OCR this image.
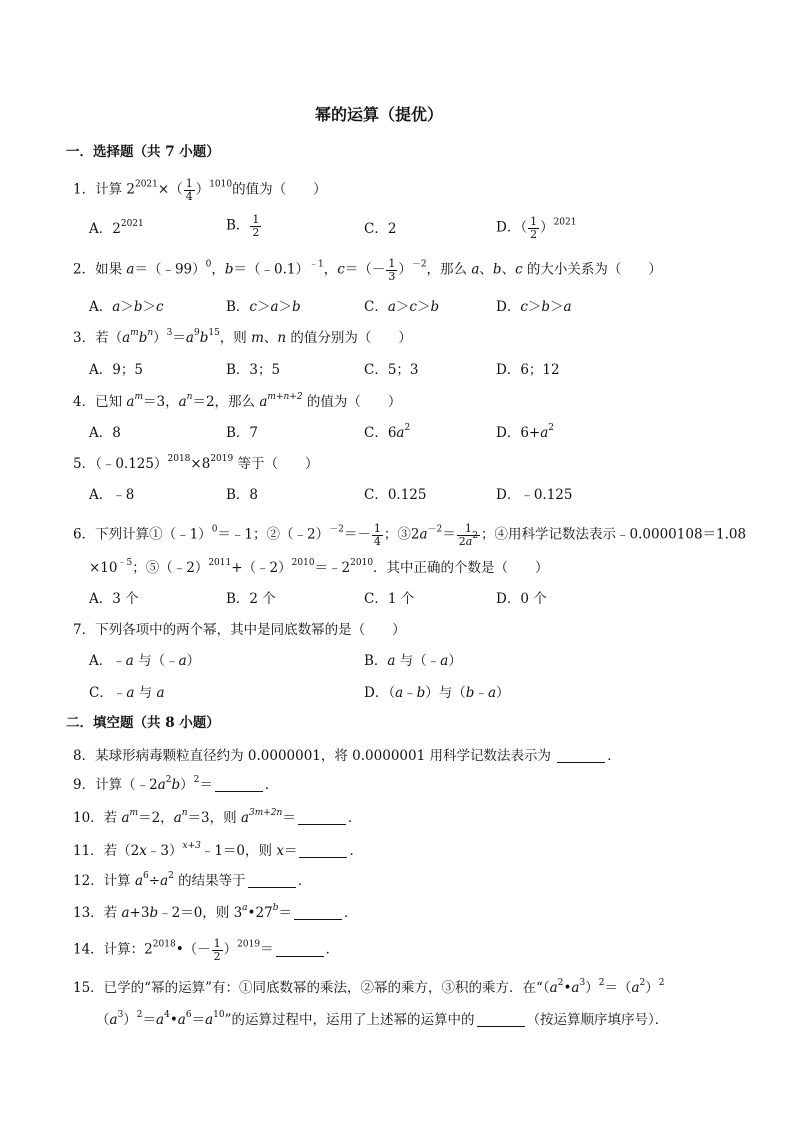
幂的运算（提优）
一．选择题（共 7 小题）
1．计算 $2^{2021}\times( \frac{1}{4} )^{1010}$的值为（　　）
A．$2^{2021}$	B． $\frac{1}{2}$	C．2	D．（ $\frac{1}{2} )^{2021}$
2．如果 a＝（﹣99）$^0$，b＝（﹣0.1）$^{﹣1}$，$c=(- \frac{1}{3} )^{-2}$，那么 a、b、c 的大小关系为（　　）
A．a＞b＞c	B．c＞a＞b	C．a＞c＞b	D．c＞b＞a
3．若$(a^mb^n)^3=a^9b^{15}$，则 m、n 的值分别为（　　）
A．9；5	B．3；5	C．5；3	D．6；12
4．已知 $a^m=3$，$a^n=2$，那么 $a^{m+n+2}$ 的值为（　　）
A．8	B．7	C．$6a^2$	D．$6+a^2$
5．$(﹣0.125)^{2018}\times 8^{2019}$ 等于（　　）
A．﹣8	B．8	C．0.125	D．﹣0.125
6．下列计算①（﹣1）$^0$＝﹣1；②（﹣2）$^{-2}$＝－ $\frac{1}{4}$ ；$③2a^{-2}= \frac{1}{2a^2}$ ；④用科学记数法表示﹣0.0000108＝1.08
$\times 10^{﹣5}$；$⑤(﹣2)^{2011}+(﹣2)^{2010}=﹣2^{2010}$．其中正确的个数是（　　）
A．3 个	B．2 个	C．1 个	D．0 个
7．下列各项中的两个幂，其中是同底数幂的是（　　）
A．﹣a 与（﹣a）	B．a 与（﹣a）
C．﹣a 与 a	D．（a﹣b）与（b﹣a）
二．填空题（共 8 小题）
8．某球形病毒颗粒直径约为 0.0000001，将 0.0000001 用科学记数法表示为	．
9．计算$(﹣2a^2b)^2=$	．
10．若 $a^m=2$，$a^n=3$，则 $a^{3m+2n}=$	．
11．若（2x﹣3）$^{x+3}$﹣1＝0，则 x＝	．
12．计算 $a^6\div a^2$ 的结果等于	．
13．若 a+3b﹣2＝0，则 $3^a•27^b=$	．
14．计算：$2^{2018}•(- \frac{1}{2} )^{2019}=$	．
15．已学的“幂的运算”有：①同底数幂的乘法，②幂的乘方，③积的乘方．在“$(a^2•a^3)^2=(a^2)^2$
$(a^3)^2=a^4•a^6=a^{10}$”的运算过程中，运用了上述幂的运算中的	（按运算顺序填序号）．
